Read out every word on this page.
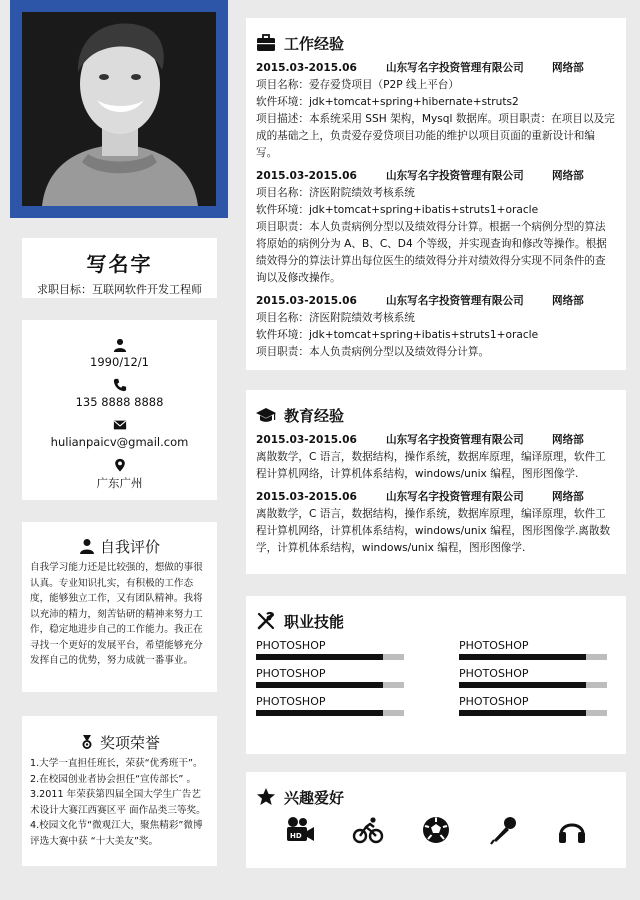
写名字
求职目标：互联网软件开发工程师
1990/12/1
135 8888 8888
hulianpaicv@gmail.com
广东广州
自我评价
自我学习能力还是比较强的，想做的事很认真。专业知识扎实，有积极的工作态度，能够独立工作，又有团队精神。我将以充沛的精力，刻苦钻研的精神来努力工作，稳定地进步自己的工作能力。我正在寻找一个更好的发展平台，希望能够充分发挥自己的优势，努力成就一番事业。
奖项荣誉
1.大学一直担任班长，荣获“优秀班干”。
2.在校园创业者协会担任“宣传部长” 。
3.2011 年荣获第四届全国大学生广告艺术设计大赛江西赛区平 面作品类三等奖。
4.校园文化节“微观江大，聚焦精彩”微博评选大赛中获 “十大美友”奖。
工作经验
2015.03-2015.06	山东写名字投资管理有限公司	网络部
项目名称：爱存爱贷项目（P2P 线上平台）
软件环境：jdk+tomcat+spring+hibernate+struts2
项目描述：本系统采用 SSH 架构，Mysql 数据库。项目职责：在项目以及完成的基础之上，负责爱存爱贷项目功能的维护以项目页面的重新设计和编写。
2015.03-2015.06	山东写名字投资管理有限公司	网络部
项目名称：济医附院绩效考核系统
软件环境：jdk+tomcat+spring+ibatis+struts1+oracle
项目职责：本人负责病例分型以及绩效得分计算。根据一个病例分型的算法将原始的病例分为 A、B、C、D4 个等级，并实现查询和修改等操作。根据绩效得分的算法计算出每位医生的绩效得分并对绩效得分实现不同条件的查询以及修改操作。
2015.03-2015.06	山东写名字投资管理有限公司	网络部
项目名称：济医附院绩效考核系统
软件环境：jdk+tomcat+spring+ibatis+struts1+oracle
项目职责：本人负责病例分型以及绩效得分计算。
教育经验
2015.03-2015.06	山东写名字投资管理有限公司	网络部
离散数学，C 语言，数据结构，操作系统，数据库原理，编译原理，软件工程计算机网络，计算机体系结构，windows/unix 编程，图形图像学.
2015.03-2015.06	山东写名字投资管理有限公司	网络部
离散数学，C 语言，数据结构，操作系统，数据库原理，编译原理，软件工程计算机网络，计算机体系结构，windows/unix 编程，图形图像学.离散数学，计算机体系结构，windows/unix 编程，图形图像学.
职业技能
PHOTOSHOP	PHOTOSHOP
PHOTOSHOP	PHOTOSHOP
PHOTOSHOP	PHOTOSHOP
兴趣爱好
HD
